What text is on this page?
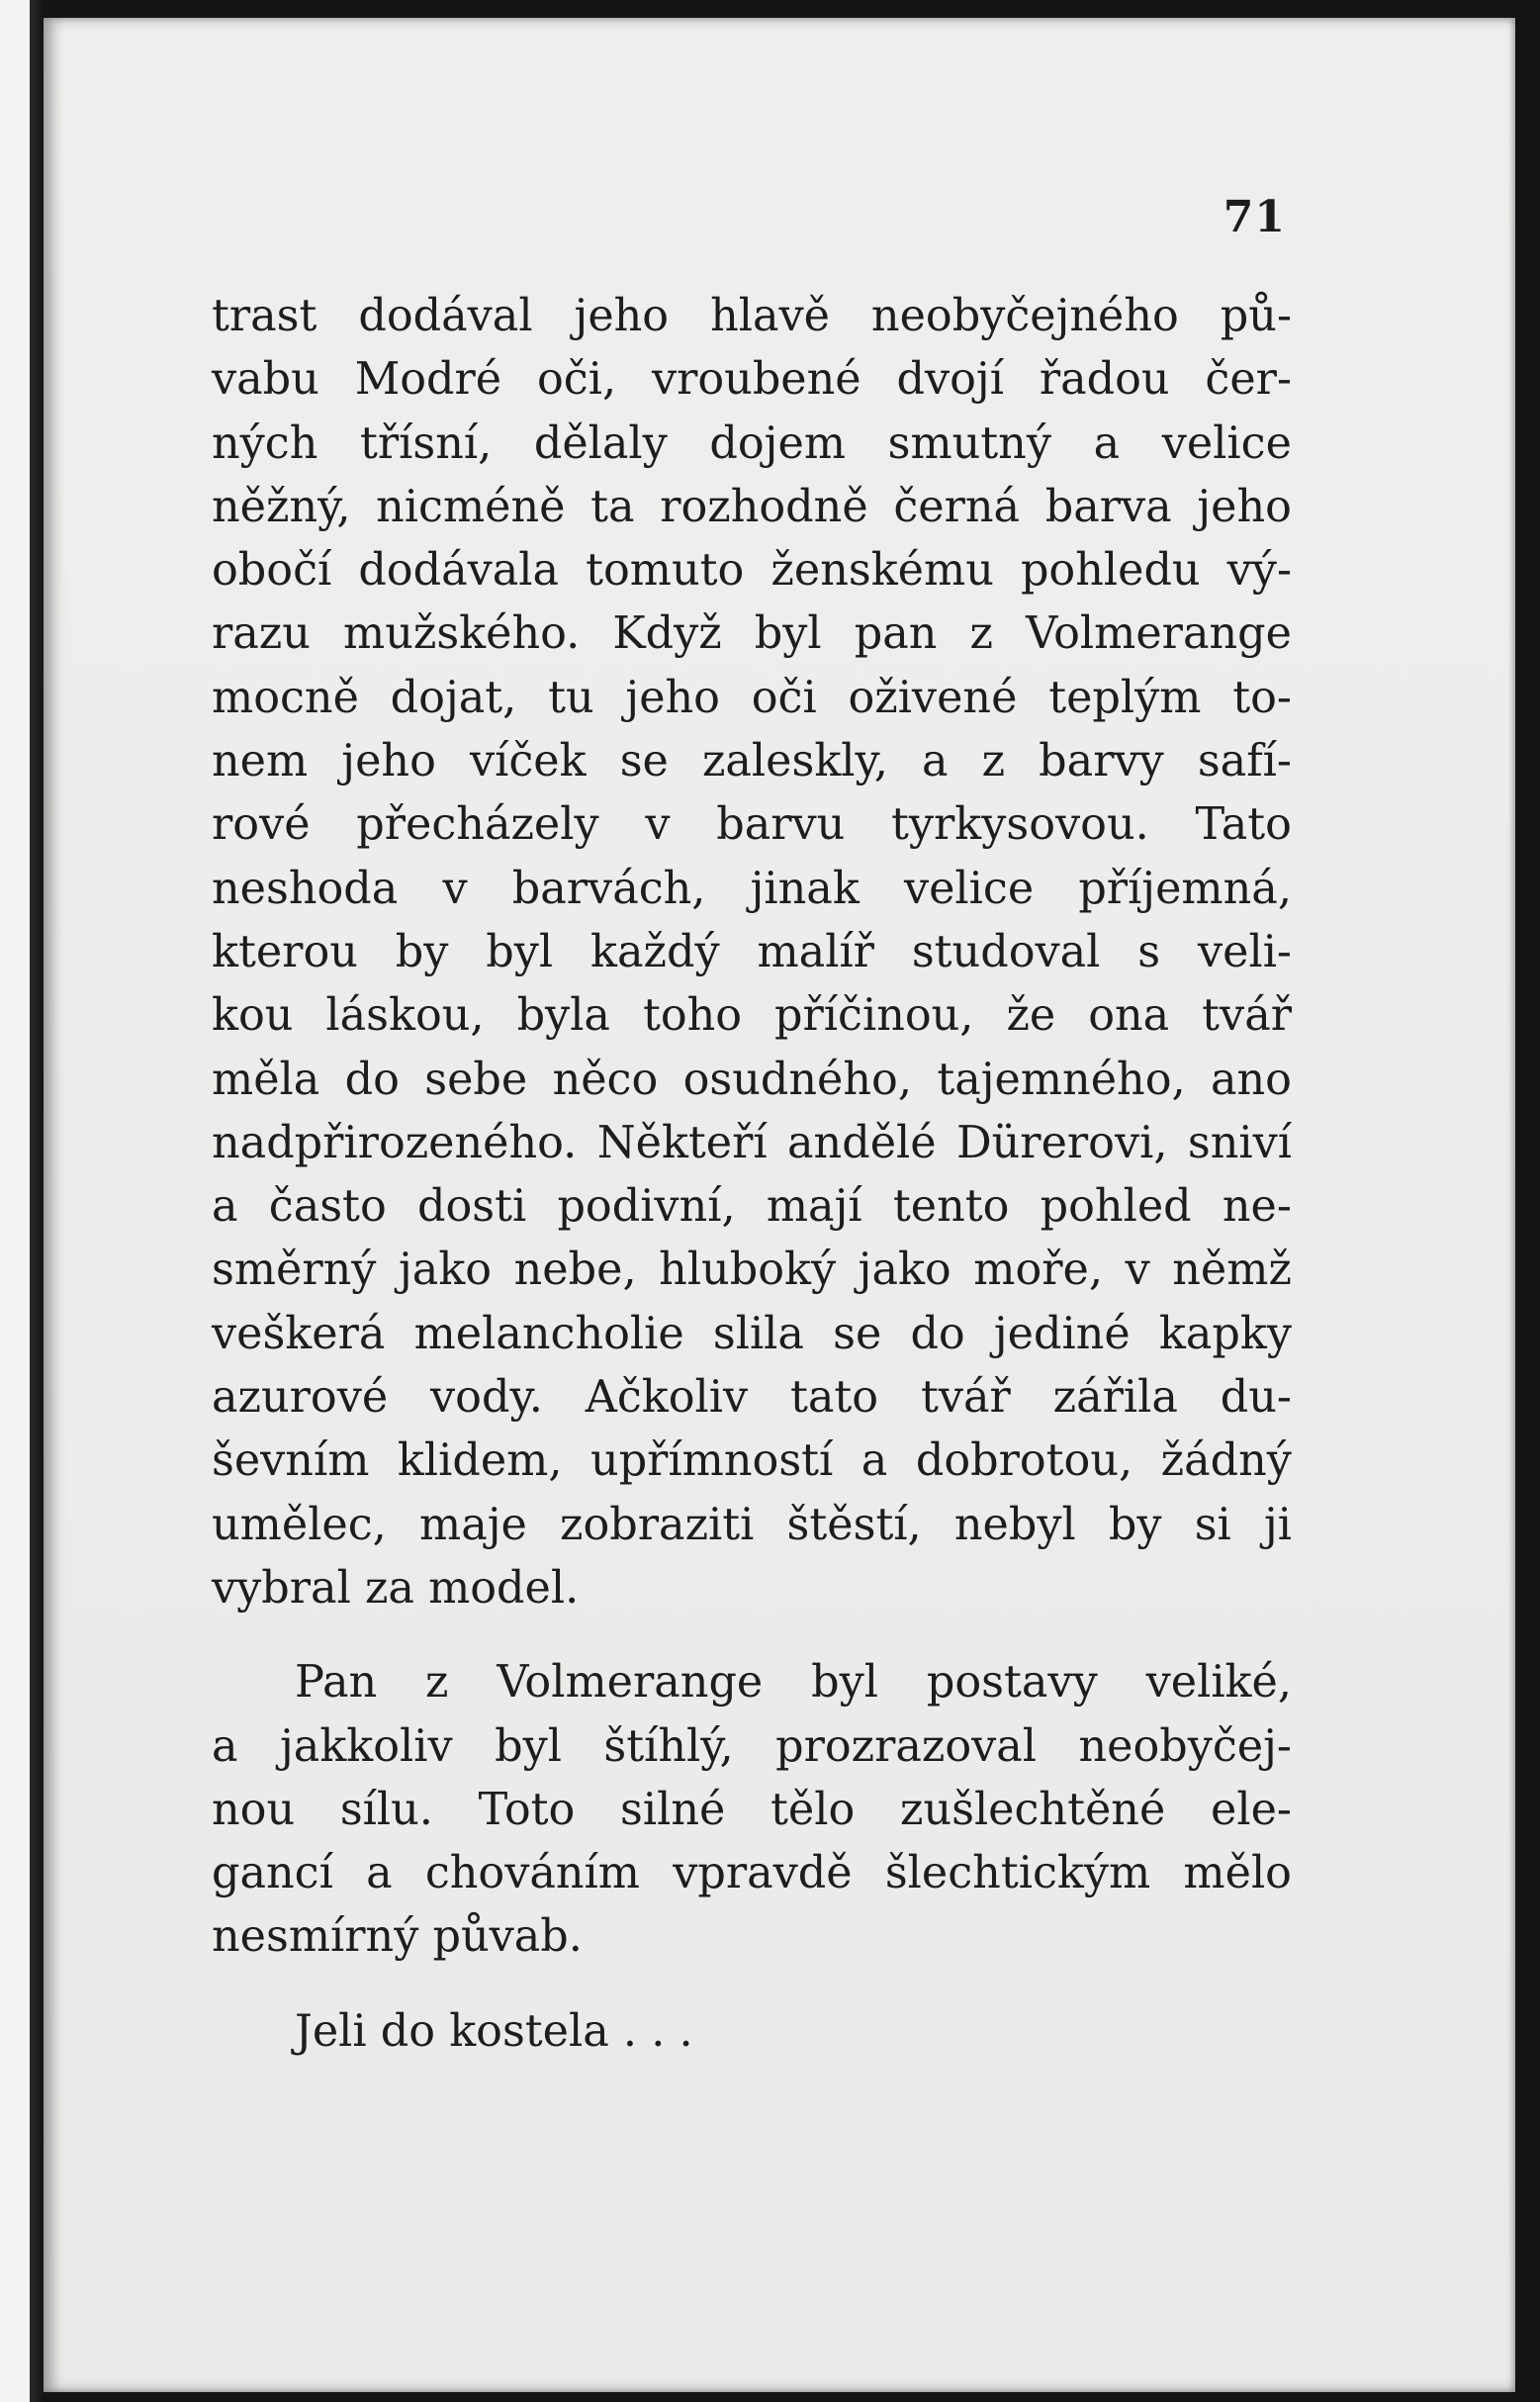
71

trast dodával jeho hlavě neobyčejného pů-
vabu Modré oči, vroubené dvojí řadou čer-
ných třísní, dělaly dojem smutný a velice
něžný, nicméně ta rozhodně černá barva jeho
obočí dodávala tomuto ženskému pohledu vý-
razu mužského. Když byl pan z Volmerange
mocně dojat, tu jeho oči oživené teplým to-
nem jeho víček se zaleskly, a z barvy safí-
rové přecházely v barvu tyrkysovou. Tato
neshoda v barvách, jinak velice příjemná,
kterou by byl každý malíř studoval s veli-
kou láskou, byla toho příčinou, že ona tvář
měla do sebe něco osudného, tajemného, ano
nadpřirozeného. Někteří andělé Dürerovi, sniví
a často dosti podivní, mají tento pohled ne-
směrný jako nebe, hluboký jako moře, v němž
veškerá melancholie slila se do jediné kapky
azurové vody. Ačkoliv tato tvář zářila du-
ševním klidem, upřímností a dobrotou, žádný
umělec, maje zobraziti štěstí, nebyl by si ji
vybral za model.
Pan z Volmerange byl postavy veliké,
a jakkoliv byl štíhlý, prozrazoval neobyčej-
nou sílu. Toto silné tělo zušlechtěné ele-
gancí a chováním vpravdě šlechtickým mělo
nesmírný půvab.
Jeli do kostela . . .
